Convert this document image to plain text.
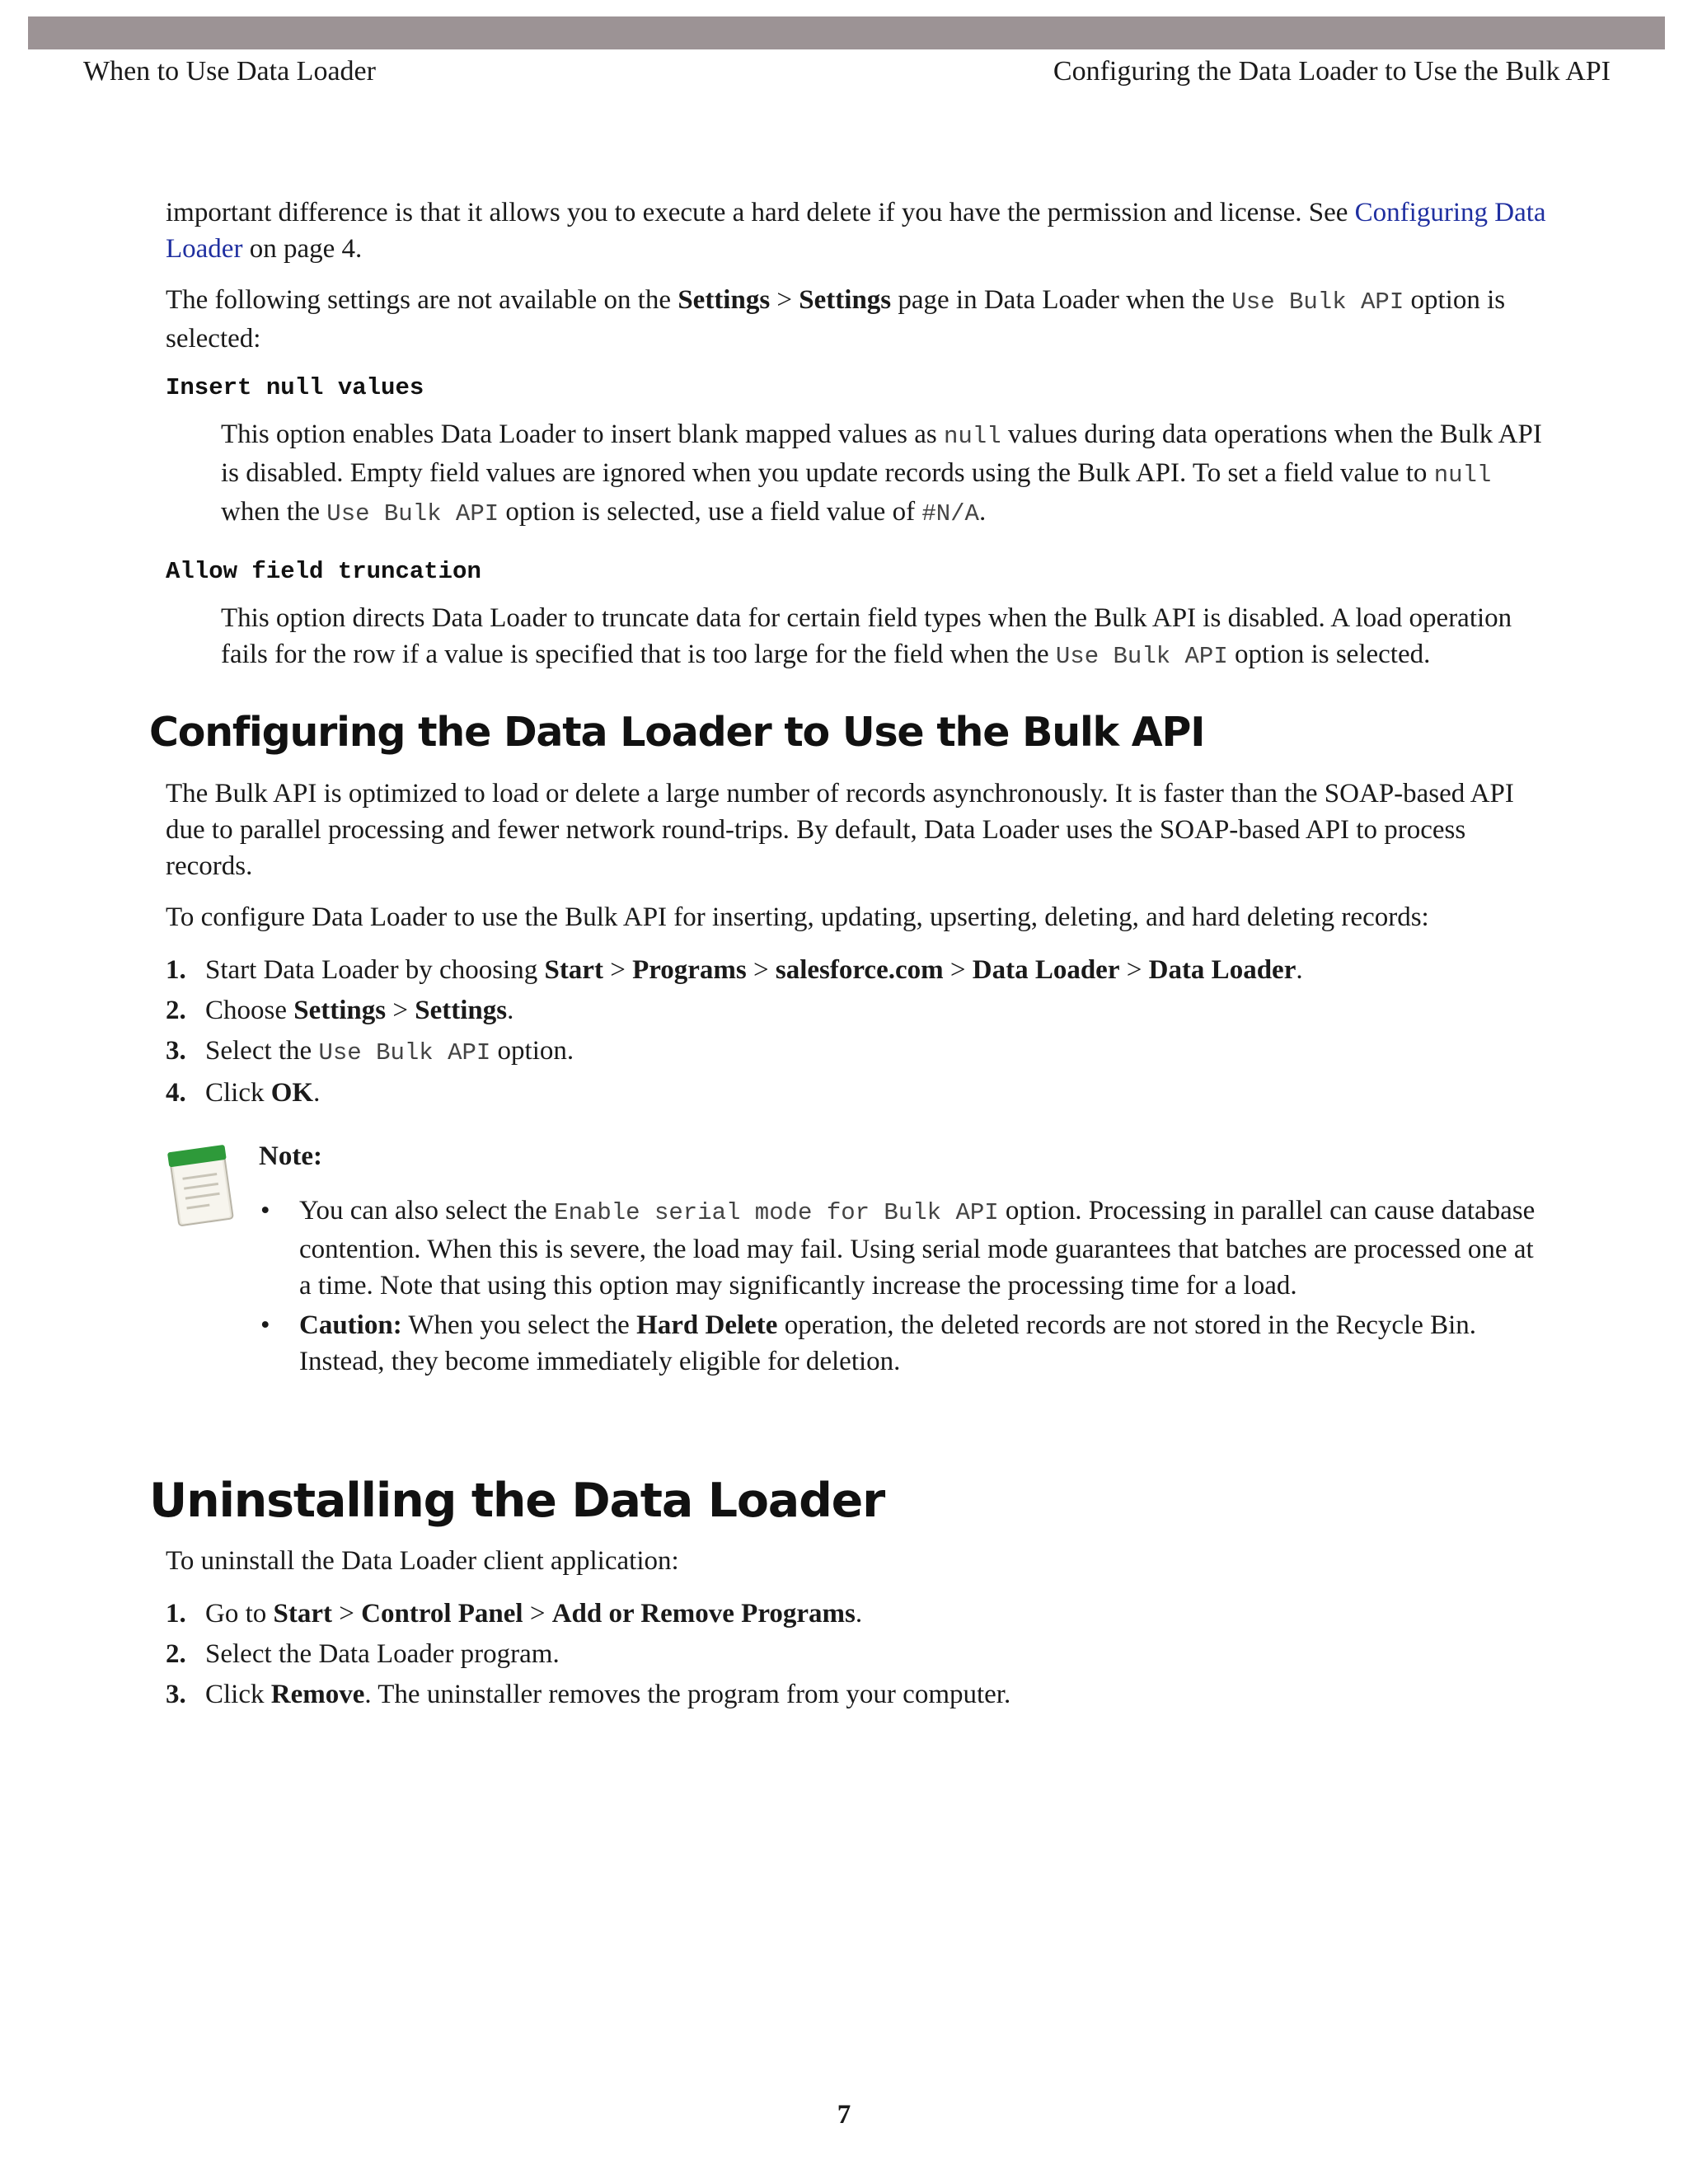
When to Use Data Loader	Configuring the Data Loader to Use the Bulk API

important difference is that it allows you to execute a hard delete if you have the permission and license. See Configuring Data Loader on page 4.

The following settings are not available on the Settings > Settings page in Data Loader when the Use Bulk API option is selected:

Insert null values

This option enables Data Loader to insert blank mapped values as null values during data operations when the Bulk API is disabled. Empty field values are ignored when you update records using the Bulk API. To set a field value to null when the Use Bulk API option is selected, use a field value of #N/A.

Allow field truncation

This option directs Data Loader to truncate data for certain field types when the Bulk API is disabled. A load operation fails for the row if a value is specified that is too large for the field when the Use Bulk API option is selected.

Configuring the Data Loader to Use the Bulk API

The Bulk API is optimized to load or delete a large number of records asynchronously. It is faster than the SOAP-based API due to parallel processing and fewer network round-trips. By default, Data Loader uses the SOAP-based API to process records.

To configure Data Loader to use the Bulk API for inserting, updating, upserting, deleting, and hard deleting records:

1. Start Data Loader by choosing Start > Programs > salesforce.com > Data Loader > Data Loader.
2. Choose Settings > Settings.
3. Select the Use Bulk API option.
4. Click OK.
Note:
• You can also select the Enable serial mode for Bulk API option. Processing in parallel can cause database contention. When this is severe, the load may fail. Using serial mode guarantees that batches are processed one at a time. Note that using this option may significantly increase the processing time for a load.
• Caution: When you select the Hard Delete operation, the deleted records are not stored in the Recycle Bin. Instead, they become immediately eligible for deletion.
Uninstalling the Data Loader

To uninstall the Data Loader client application:

1. Go to Start > Control Panel > Add or Remove Programs.
2. Select the Data Loader program.
3. Click Remove. The uninstaller removes the program from your computer.
7
